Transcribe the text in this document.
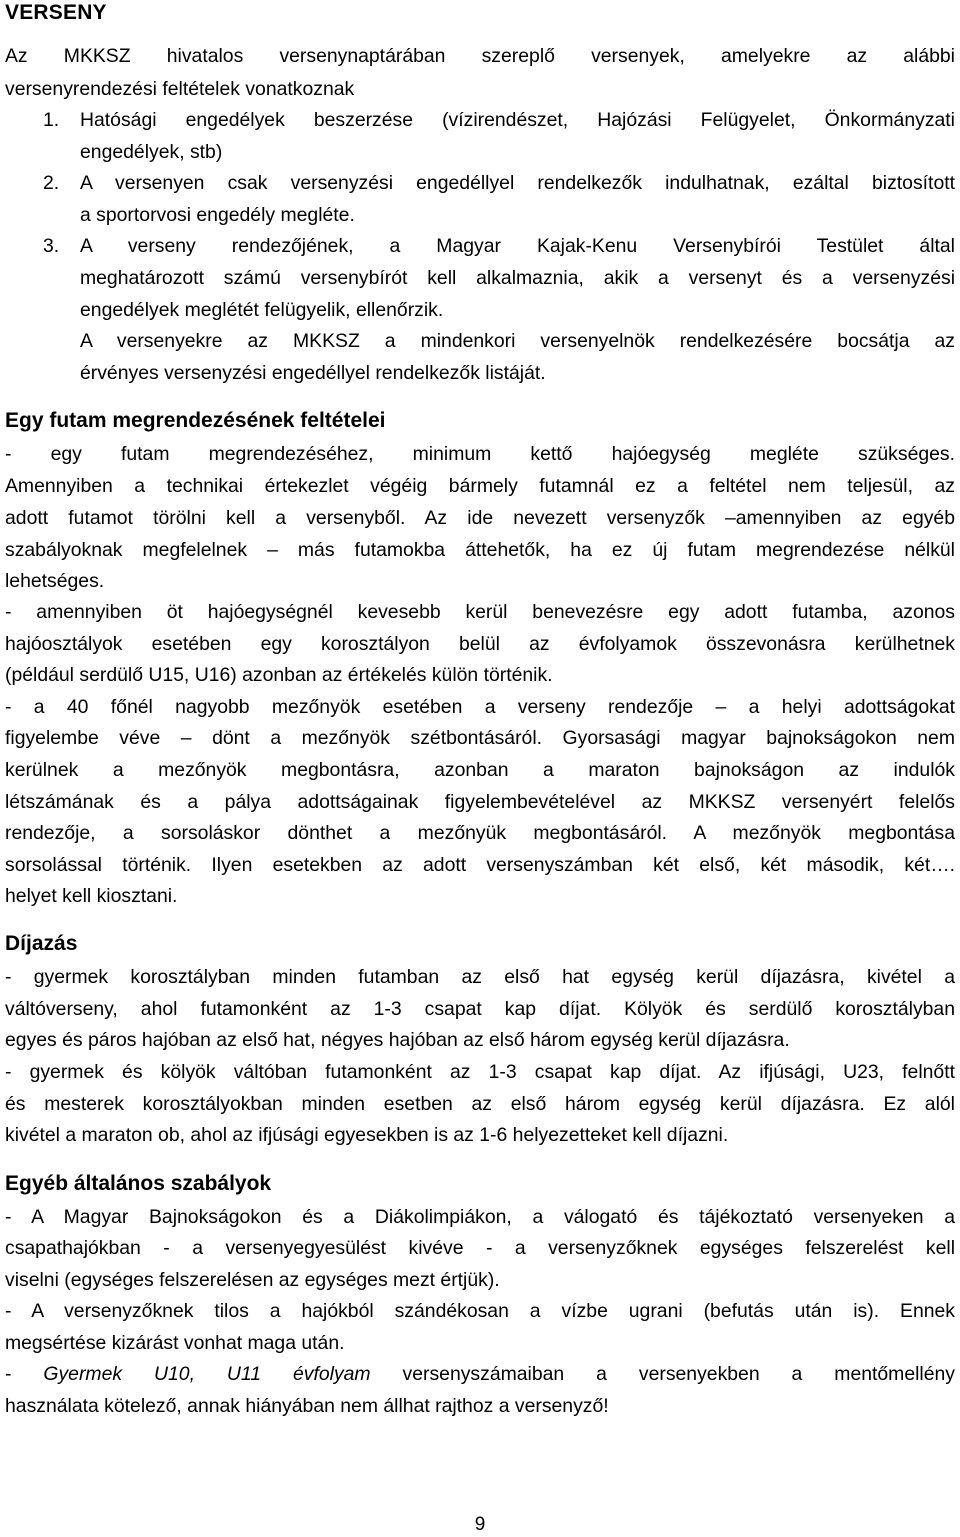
VERSENY
Az MKKSZ hivatalos versenynaptárában szereplő versenyek, amelyekre az alábbi
versenyrendezési feltételek vonatkoznak
1. Hatósági engedélyek beszerzése (vízirendészet, Hajózási Felügyelet, Önkormányzati
engedélyek, stb)
2. A versenyen csak versenyzési engedéllyel rendelkezők indulhatnak, ezáltal biztosított
a sportorvosi engedély megléte.
3. A verseny rendezőjének, a Magyar Kajak-Kenu Versenybírói Testület által
meghatározott számú versenybírót kell alkalmaznia, akik a versenyt és a versenyzési
engedélyek meglétét felügyelik, ellenőrzik.
A versenyekre az MKKSZ a mindenkori versenyelnök rendelkezésére bocsátja az
érvényes versenyzési engedéllyel rendelkezők listáját.
Egy futam megrendezésének feltételei
- egy futam megrendezéséhez, minimum kettő hajóegység megléte szükséges.
Amennyiben a technikai értekezlet végéig bármely futamnál ez a feltétel nem teljesül, az
adott futamot törölni kell a versenyből. Az ide nevezett versenyzők –amennyiben az egyéb
szabályoknak megfelelnek – más futamokba áttehetők, ha ez új futam megrendezése nélkül
lehetséges.
- amennyiben öt hajóegységnél kevesebb kerül benevezésre egy adott futamba, azonos
hajóosztályok esetében egy korosztályon belül az évfolyamok összevonásra kerülhetnek
(például serdülő U15, U16) azonban az értékelés külön történik.
- a 40 főnél nagyobb mezőnyök esetében a verseny rendezője – a helyi adottságokat
figyelembe véve – dönt a mezőnyök szétbontásáról. Gyorsasági magyar bajnokságokon nem
kerülnek a mezőnyök megbontásra, azonban a maraton bajnokságon az indulók
létszámának és a pálya adottságainak figyelembevételével az MKKSZ versenyért felelős
rendezője, a sorsoláskor dönthet a mezőnyük megbontásáról. A mezőnyök megbontása
sorsolással történik. Ilyen esetekben az adott versenyszámban két első, két második, két….
helyet kell kiosztani.
Díjazás
- gyermek korosztályban minden futamban az első hat egység kerül díjazásra, kivétel a
váltóverseny, ahol futamonként az 1-3 csapat kap díjat. Kölyök és serdülő korosztályban
egyes és páros hajóban az első hat, négyes hajóban az első három egység kerül díjazásra.
- gyermek és kölyök váltóban futamonként az 1-3 csapat kap díjat. Az ifjúsági, U23, felnőtt
és mesterek korosztályokban minden esetben az első három egység kerül díjazásra. Ez alól
kivétel a maraton ob, ahol az ifjúsági egyesekben is az 1-6 helyezetteket kell díjazni.
Egyéb általános szabályok
- A Magyar Bajnokságokon és a Diákolimpiákon, a válogató és tájékoztató versenyeken a
csapathajókban - a versenyegyesülést kivéve - a versenyzőknek egységes felszerelést kell
viselni (egységes felszerelésen az egységes mezt értjük).
- A versenyzőknek tilos a hajókból szándékosan a vízbe ugrani (befutás után is). Ennek
megsértése kizárást vonhat maga után.
- Gyermek U10, U11 évfolyam versenyszámaiban a versenyekben a mentőmellény
használata kötelező, annak hiányában nem állhat rajthoz a versenyző!
9
